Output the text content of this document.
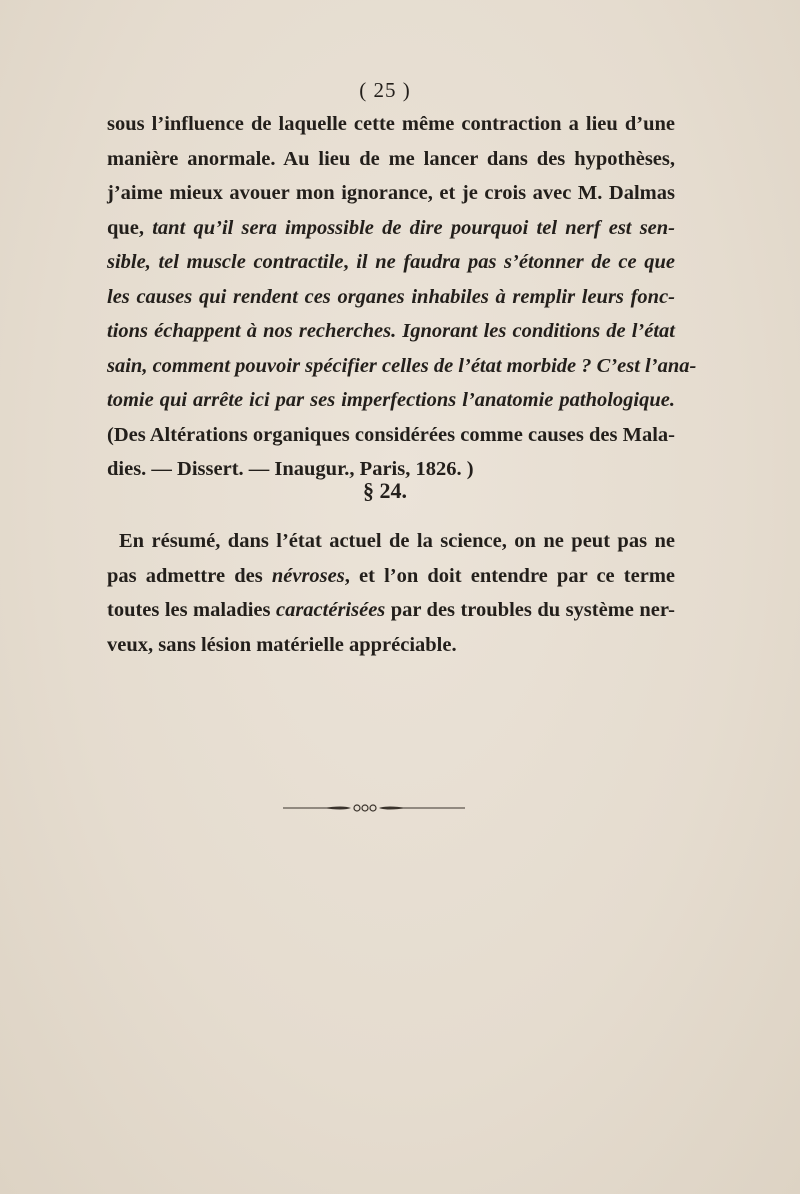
( 25 )
sous l’influence de laquelle cette même contraction a lieu d’une
manière anormale. Au lieu de me lancer dans des hypothèses,
j’aime mieux avouer mon ignorance, et je crois avec M. Dalmas
que, tant qu’il sera impossible de dire pourquoi tel nerf est sen-
sible, tel muscle contractile, il ne faudra pas s’étonner de ce que
les causes qui rendent ces organes inhabiles à remplir leurs fonc-
tions échappent à nos recherches. Ignorant les conditions de l’état
sain, comment pouvoir spécifier celles de l’état morbide ? C’est l’ana-
tomie qui arrête ici par ses imperfections l’anatomie pathologique.
(Des Altérations organiques considérées comme causes des Mala-
dies. — Dissert. — Inaugur., Paris, 1826. )
§ 24.
En résumé, dans l’état actuel de la science, on ne peut pas ne
pas admettre des névroses, et l’on doit entendre par ce terme
toutes les maladies caractérisées par des troubles du système ner-
veux, sans lésion matérielle appréciable.
